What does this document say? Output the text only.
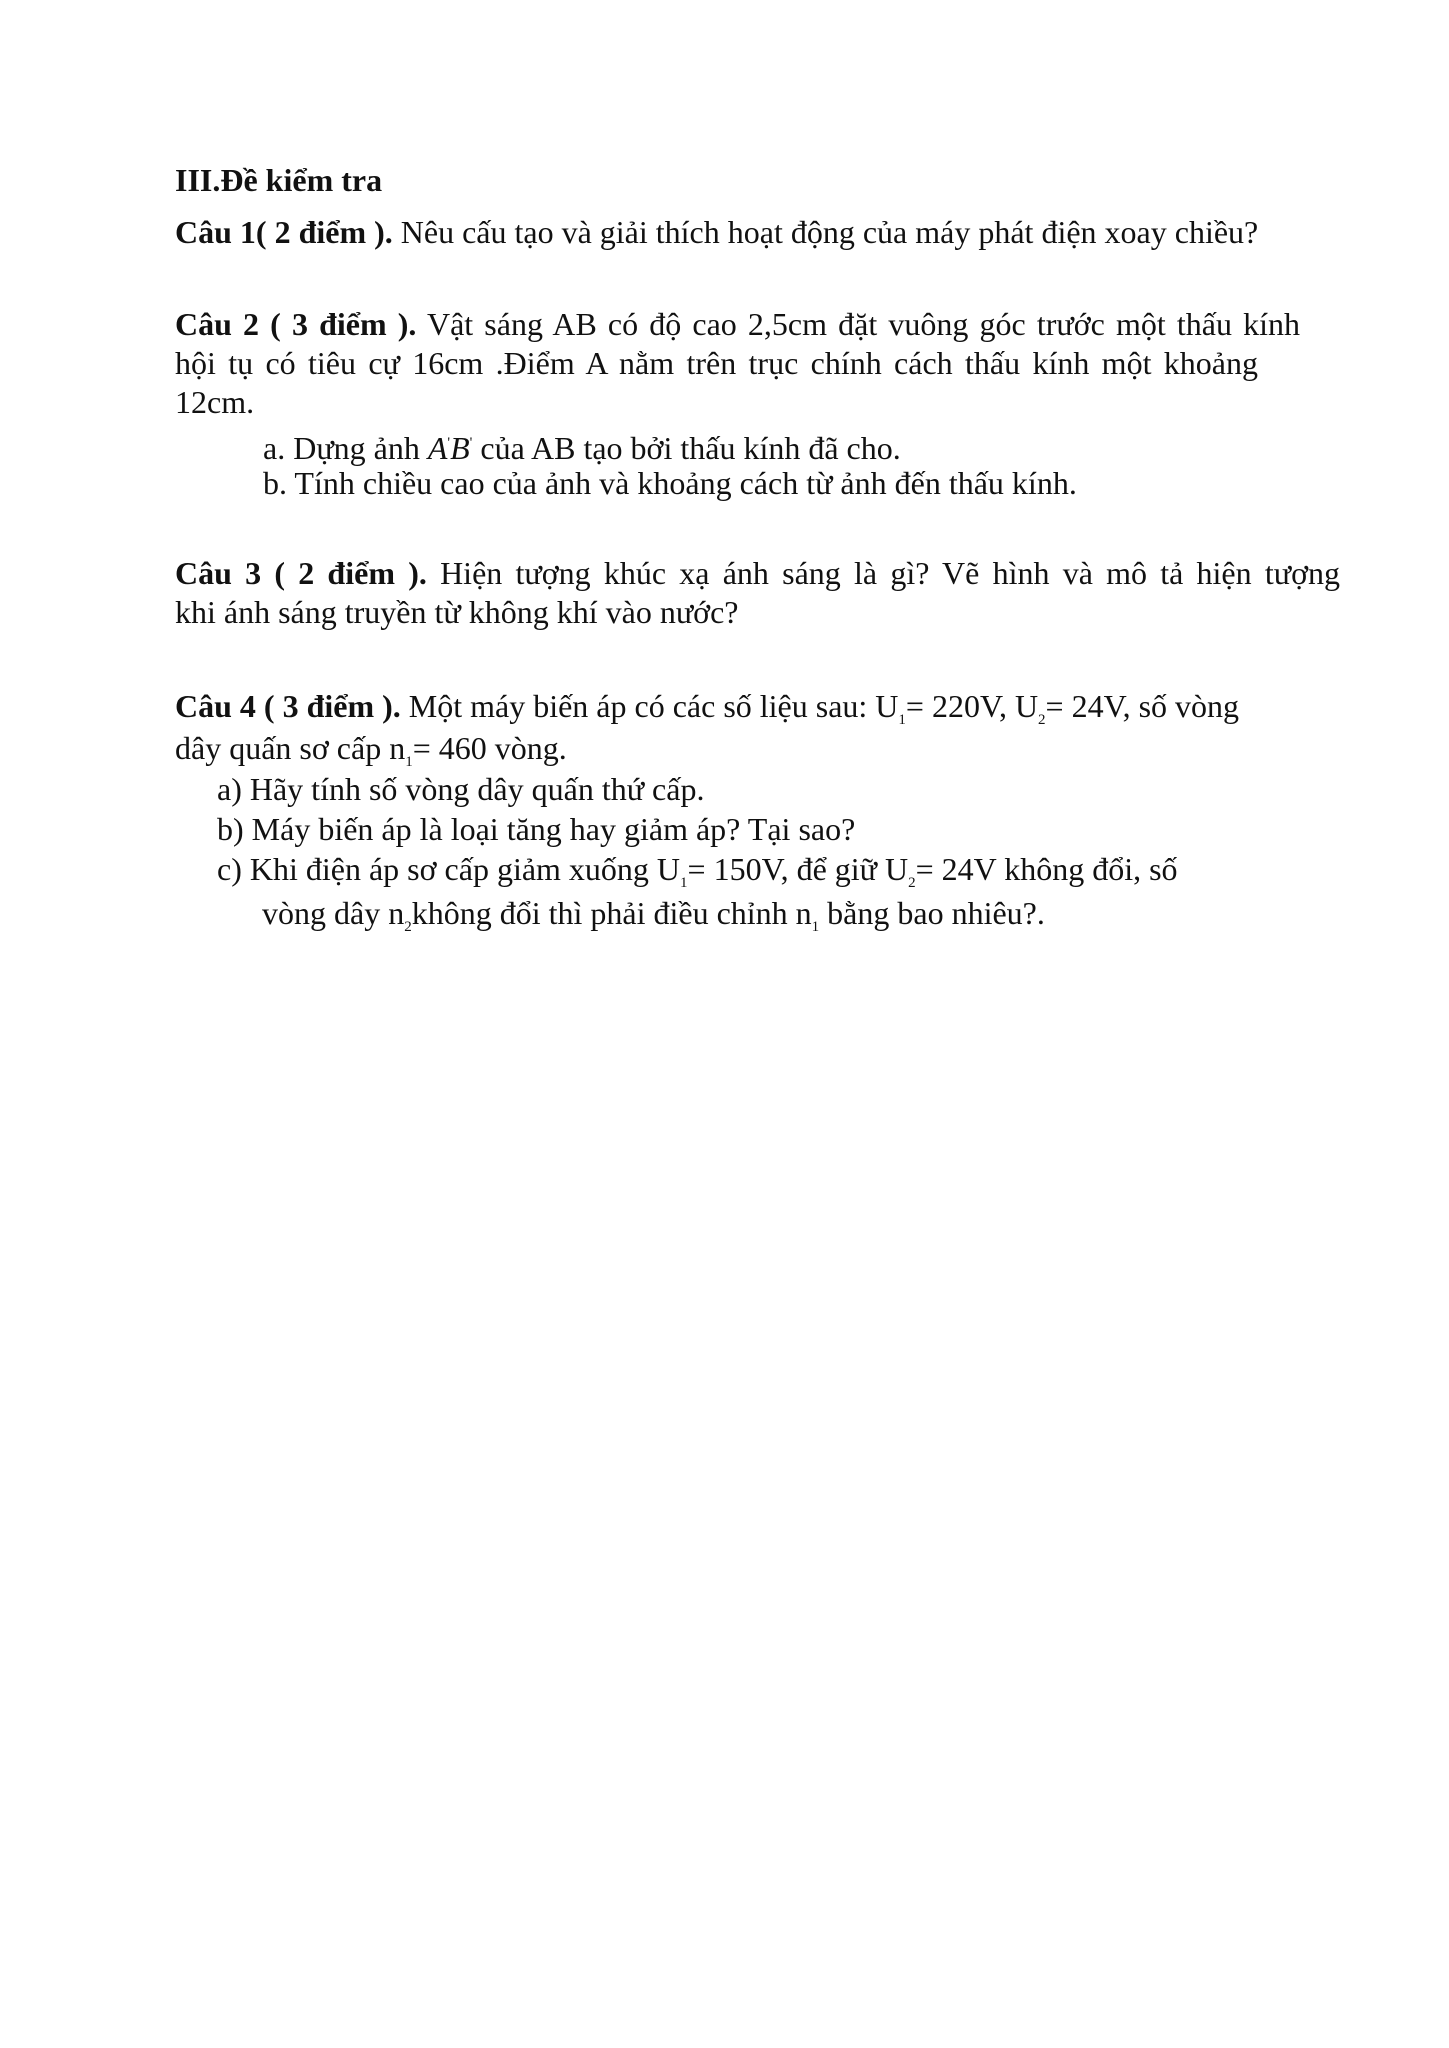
III.Đề kiểm tra
Câu 1( 2 điểm ). Nêu cấu tạo và giải thích hoạt động của máy phát điện xoay chiều?
Câu 2 ( 3 điểm ). Vật sáng AB có độ cao 2,5cm đặt vuông góc trước một thấu kính
hội tụ có tiêu cự 16cm .Điểm A nằm trên trục chính cách thấu kính một khoảng
12cm.
a. Dựng ảnh A'B' của AB tạo bởi thấu kính đã cho.
b. Tính chiều cao của ảnh và khoảng cách từ ảnh đến thấu kính.
Câu 3 ( 2 điểm ). Hiện tượng khúc xạ ánh sáng là gì? Vẽ hình và mô tả hiện tượng
khi ánh sáng truyền từ không khí vào nước?
Câu 4 ( 3 điểm ). Một máy biến áp có các số liệu sau: $U_1= 220V$, $U_2= 24V$, số vòng
dây quấn sơ cấp $n_1= 460$ vòng.
a) Hãy tính số vòng dây quấn thứ cấp.
b) Máy biến áp là loại tăng hay giảm áp? Tại sao?
c) Khi điện áp sơ cấp giảm xuống $U_1= 150V$, để giữ $U_2= 24V$ không đổi, số
vòng dây $n_2không$ đổi thì phải điều chỉnh $n_1$ bằng bao nhiêu?.
